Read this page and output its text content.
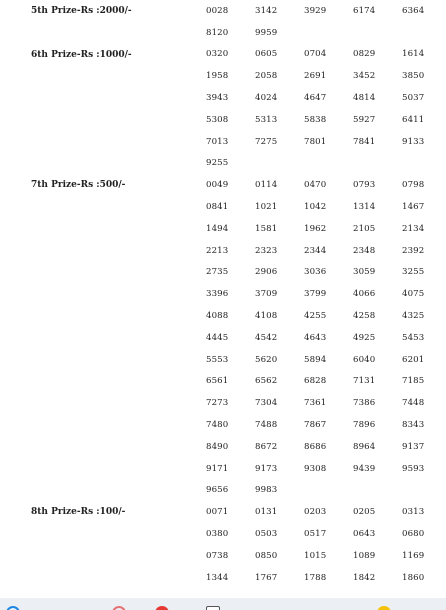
5th Prize-Rs :2000/-	0028	3142	3929	6174	6364
8120	9959
6th Prize-Rs :1000/-	0320	0605	0704	0829	1614
1958	2058	2691	3452	3850
3943	4024	4647	4814	5037
5308	5313	5838	5927	6411
7013	7275	7801	7841	9133
9255
7th Prize-Rs :500/-	0049	0114	0470	0793	0798
0841	1021	1042	1314	1467
1494	1581	1962	2105	2134
2213	2323	2344	2348	2392
2735	2906	3036	3059	3255
3396	3709	3799	4066	4075
4088	4108	4255	4258	4325
4445	4542	4643	4925	5453
5553	5620	5894	6040	6201
6561	6562	6828	7131	7185
7273	7304	7361	7386	7448
7480	7488	7867	7896	8343
8490	8672	8686	8964	9137
9171	9173	9308	9439	9593
9656	9983
8th Prize-Rs :100/-	0071	0131	0203	0205	0313
0380	0503	0517	0643	0680
0738	0850	1015	1089	1169
1344	1767	1788	1842	1860
